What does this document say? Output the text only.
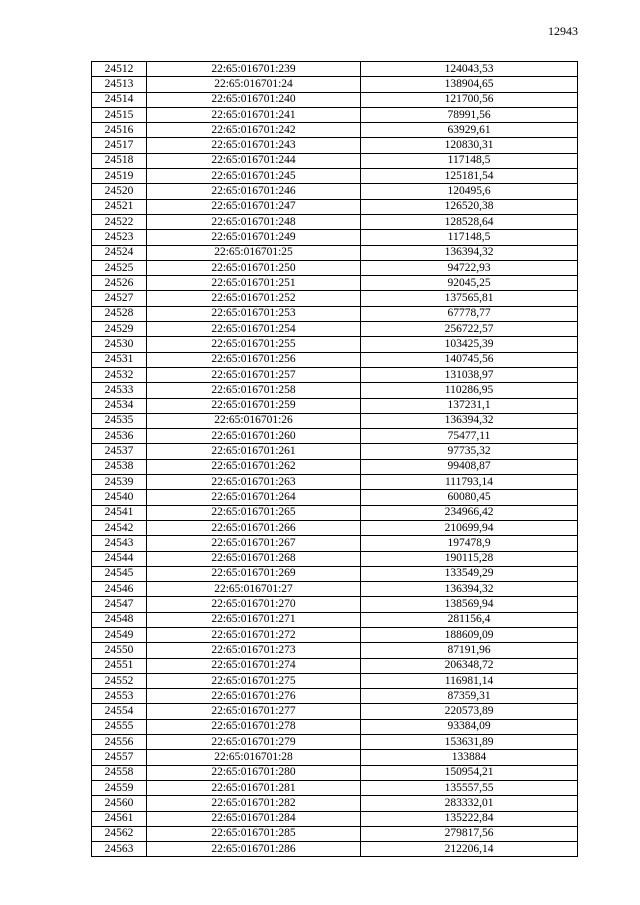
12943
24512	22:65:016701:239	124043,53
24513	22:65:016701:24	138904,65
24514	22:65:016701:240	121700,56
24515	22:65:016701:241	78991,56
24516	22:65:016701:242	63929,61
24517	22:65:016701:243	120830,31
24518	22:65:016701:244	117148,5
24519	22:65:016701:245	125181,54
24520	22:65:016701:246	120495,6
24521	22:65:016701:247	126520,38
24522	22:65:016701:248	128528,64
24523	22:65:016701:249	117148,5
24524	22:65:016701:25	136394,32
24525	22:65:016701:250	94722,93
24526	22:65:016701:251	92045,25
24527	22:65:016701:252	137565,81
24528	22:65:016701:253	67778,77
24529	22:65:016701:254	256722,57
24530	22:65:016701:255	103425,39
24531	22:65:016701:256	140745,56
24532	22:65:016701:257	131038,97
24533	22:65:016701:258	110286,95
24534	22:65:016701:259	137231,1
24535	22:65:016701:26	136394,32
24536	22:65:016701:260	75477,11
24537	22:65:016701:261	97735,32
24538	22:65:016701:262	99408,87
24539	22:65:016701:263	111793,14
24540	22:65:016701:264	60080,45
24541	22:65:016701:265	234966,42
24542	22:65:016701:266	210699,94
24543	22:65:016701:267	197478,9
24544	22:65:016701:268	190115,28
24545	22:65:016701:269	133549,29
24546	22:65:016701:27	136394,32
24547	22:65:016701:270	138569,94
24548	22:65:016701:271	281156,4
24549	22:65:016701:272	188609,09
24550	22:65:016701:273	87191,96
24551	22:65:016701:274	206348,72
24552	22:65:016701:275	116981,14
24553	22:65:016701:276	87359,31
24554	22:65:016701:277	220573,89
24555	22:65:016701:278	93384,09
24556	22:65:016701:279	153631,89
24557	22:65:016701:28	133884
24558	22:65:016701:280	150954,21
24559	22:65:016701:281	135557,55
24560	22:65:016701:282	283332,01
24561	22:65:016701:284	135222,84
24562	22:65:016701:285	279817,56
24563	22:65:016701:286	212206,14
